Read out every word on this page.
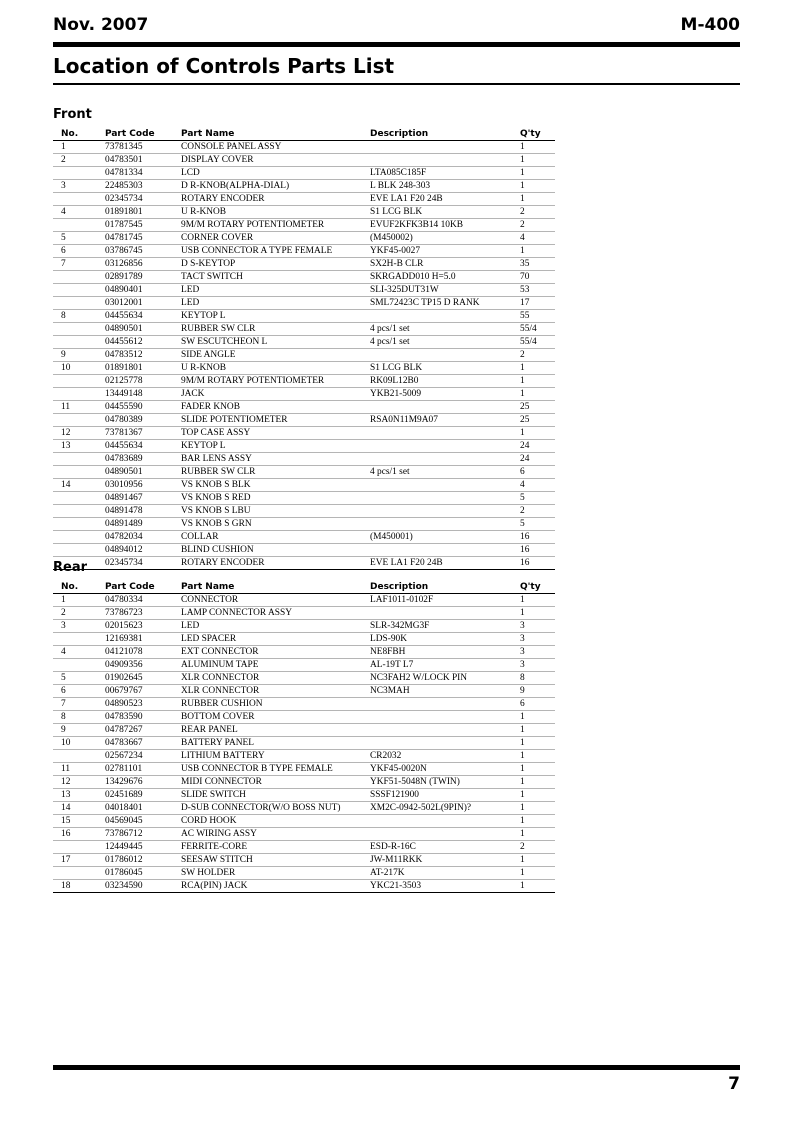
Nov. 2007	M-400
Location of Controls Parts List
Front
No.	Part Code	Part Name	Description	Q'ty
1	73781345	CONSOLE PANEL ASSY		1
2	04783501	DISPLAY COVER		1
	04781334	LCD	LTA085C185F	1
3	22485303	D R-KNOB(ALPHA-DIAL)	L BLK 248-303	1
	02345734	ROTARY ENCODER	EVE LA1 F20 24B	1
4	01891801	U R-KNOB	S1 LCG BLK	2
	01787545	9M/M ROTARY POTENTIOMETER	EVUF2KFK3B14 10KB	2
5	04781745	CORNER COVER	(M450002)	4
6	03786745	USB CONNECTOR A TYPE FEMALE	YKF45-0027	1
7	03126856	D S-KEYTOP	SX2H-B CLR	35
	02891789	TACT SWITCH	SKRGADD010 H=5.0	70
	04890401	LED	SLI-325DUT31W	53
	03012001	LED	SML72423C TP15 D RANK	17
8	04455634	KEYTOP L		55
	04890501	RUBBER SW CLR	4 pcs/1 set	55/4
	04455612	SW ESCUTCHEON L	4 pcs/1 set	55/4
9	04783512	SIDE ANGLE		2
10	01891801	U R-KNOB	S1 LCG BLK	1
	02125778	9M/M ROTARY POTENTIOMETER	RK09L12B0	1
	13449148	JACK	YKB21-5009	1
11	04455590	FADER KNOB		25
	04780389	SLIDE POTENTIOMETER	RSA0N11M9A07	25
12	73781367	TOP CASE ASSY		1
13	04455634	KEYTOP L		24
	04783689	BAR LENS ASSY		24
	04890501	RUBBER SW CLR	4 pcs/1 set	6
14	03010956	VS KNOB S BLK		4
	04891467	VS KNOB S RED		5
	04891478	VS KNOB S LBU		2
	04891489	VS KNOB S GRN		5
	04782034	COLLAR	(M450001)	16
	04894012	BLIND CUSHION		16
	02345734	ROTARY ENCODER	EVE LA1 F20 24B	16
Rear
No.	Part Code	Part Name	Description	Q'ty
1	04780334	CONNECTOR	LAF1011-0102F	1
2	73786723	LAMP CONNECTOR ASSY		1
3	02015623	LED	SLR-342MG3F	3
	12169381	LED SPACER	LDS-90K	3
4	04121078	EXT CONNECTOR	NE8FBH	3
	04909356	ALUMINUM TAPE	AL-19T L7	3
5	01902645	XLR CONNECTOR	NC3FAH2 W/LOCK PIN	8
6	00679767	XLR CONNECTOR	NC3MAH	9
7	04890523	RUBBER CUSHION		6
8	04783590	BOTTOM COVER		1
9	04787267	REAR PANEL		1
10	04783667	BATTERY PANEL		1
	02567234	LITHIUM BATTERY	CR2032	1
11	02781101	USB CONNECTOR B TYPE FEMALE	YKF45-0020N	1
12	13429676	MIDI CONNECTOR	YKF51-5048N (TWIN)	1
13	02451689	SLIDE SWITCH	SSSF121900	1
14	04018401	D-SUB CONNECTOR(W/O BOSS NUT)	XM2C-0942-502L(9PIN)?	1
15	04569045	CORD HOOK		1
16	73786712	AC WIRING ASSY		1
	12449445	FERRITE-CORE	ESD-R-16C	2
17	01786012	SEESAW STITCH	JW-M11RKK	1
	01786045	SW HOLDER	AT-217K	1
18	03234590	RCA(PIN) JACK	YKC21-3503	1
7
